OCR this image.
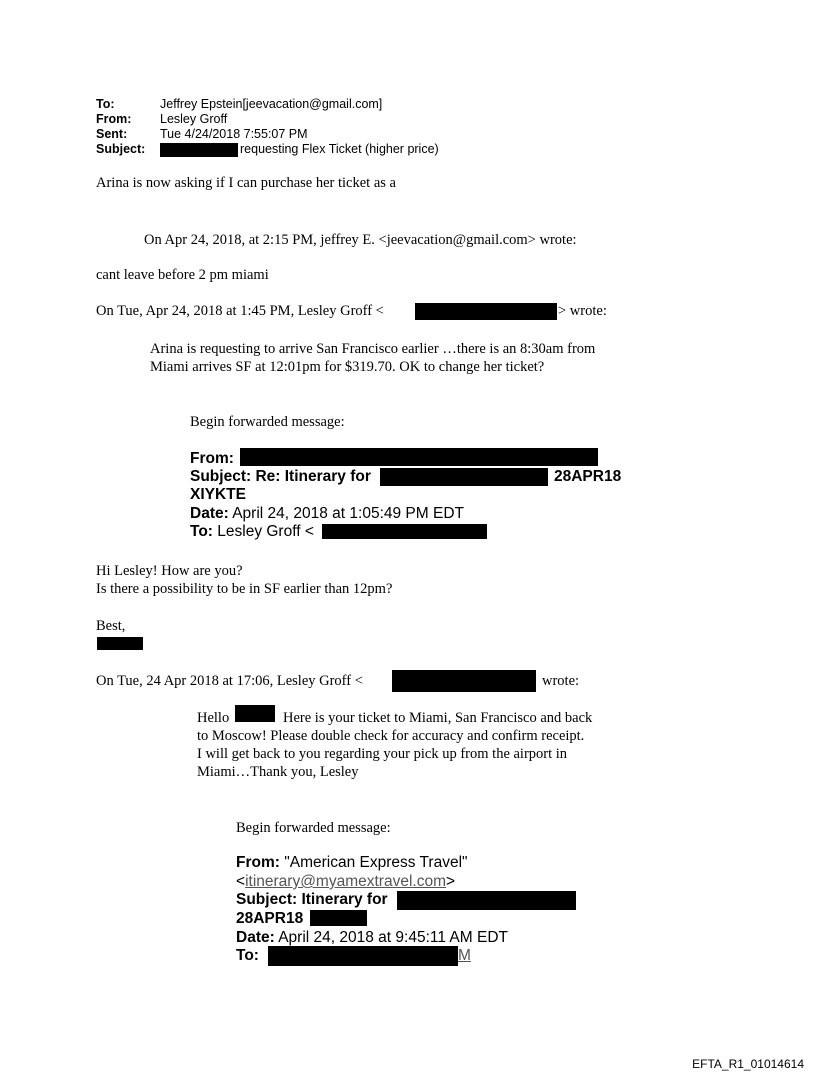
To:	Jeffrey Epstein[jeevacation@gmail.com]
From: Lesley Groff
Sent:	Tue 4/24/2018 7:55:07 PM
Subject:	requesting Flex Ticket (higher price)
Arina is now asking if I can purchase her ticket as a
On Apr 24, 2018, at 2:15 PM, jeffrey E. <jeevacation@gmail.com> wrote:
cant leave before 2 pm miami
On Tue, Apr 24, 2018 at 1:45 PM, Lesley Groff <	> wrote:
Arina is requesting to arrive San Francisco earlier …there is an 8:30am from
Miami arrives SF at 12:01pm for $319.70. OK to change her ticket?
Begin forwarded message:
From:
Subject: Re: Itinerary for	28APR18
XIYKTE
Date: April 24, 2018 at 1:05:49 PM EDT
To: Lesley Groff <
Hi Lesley! How are you?
Is there a possibility to be in SF earlier than 12pm?
Best,
On Tue, 24 Apr 2018 at 17:06, Lesley Groff <	wrote:
Hello	Here is your ticket to Miami, San Francisco and back
to Moscow! Please double check for accuracy and confirm receipt.
I will get back to you regarding your pick up from the airport in
Miami…Thank you, Lesley
Begin forwarded message:
From: "American Express Travel"
<itinerary@myamextravel.com>
Subject: Itinerary for
28APR18
Date: April 24, 2018 at 9:45:11 AM EDT
To:	M
EFTA_R1_01014614
